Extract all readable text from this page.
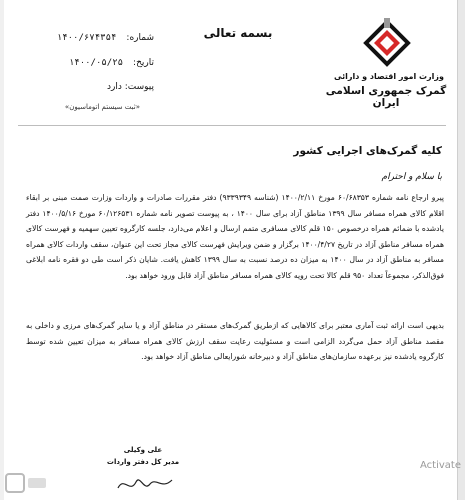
بسمه تعالی
وزارت امور اقتصاد و دارائی
گمرک جمهوری اسلامی ایران
شماره:
۱۴۰۰/۶۷۴۳۵۴
تاریخ:
۱۴۰۰/۰۵/۲۵
پیوست: دارد
«ثبت سیستم اتوماسیون»
کلیه گمرک‌های اجرایی کشور
با سلام و احترام
پیرو ارجاع نامه شماره ۶۰/۶۸۳۵۳ مورخ ۱۴۰۰/۲/۱۱ (شناسه ۹۳۳۹۳۴۹) دفتر مقررات صادرات و واردات وزارت صمت مبنی بر ابقاء اقلام کالای همراه مسافر سال ۱۳۹۹ مناطق آزاد برای سال ۱۴۰۰ ، به پیوست تصویر نامه شماره ۶۰/۱۲۶۵۳۱ مورخ ۱۴۰۰/۵/۱۶ دفتر یادشده با ضمائم همراه درخصوص ۱۵۰ قلم کالای مسافری متمم ارسال و اعلام می‌دارد، جلسه کارگروه تعیین سهمیه و فهرست کالای همراه مسافر مناطق آزاد در تاریخ ۱۴۰۰/۴/۲۷ برگزار و ضمن ویرایش فهرست کالای مجاز تحت این عنوان، سقف واردات کالای همراه مسافر به مناطق آزاد در سال ۱۴۰۰ به میزان ده درصد نسبت به سال ۱۳۹۹ کاهش یافت. شایان ذکر است طی دو فقره نامه ابلاغی فوق‌الذکر، مجموعاً تعداد ۹۵۰ قلم کالا تحت رویه کالای همراه مسافر مناطق آزاد قابل ورود خواهد بود.
بدیهی است ارائه ثبت آماری معتبر برای کالاهایی که ازطریق گمرک‌های مستقر در مناطق آزاد و یا سایر گمرک‌های مرزی و داخلی به مقصد مناطق آزاد حمل می‌گردد الزامی است و مسئولیت رعایت سقف ارزش کالای همراه مسافر به میزان تعیین شده توسط کارگروه یادشده نیز برعهده سازمان‌های مناطق آزاد و دبیرخانه شورایعالی مناطق آزاد خواهد بود.
علی وکیلی
مدیر کل دفتر واردات	Activate
